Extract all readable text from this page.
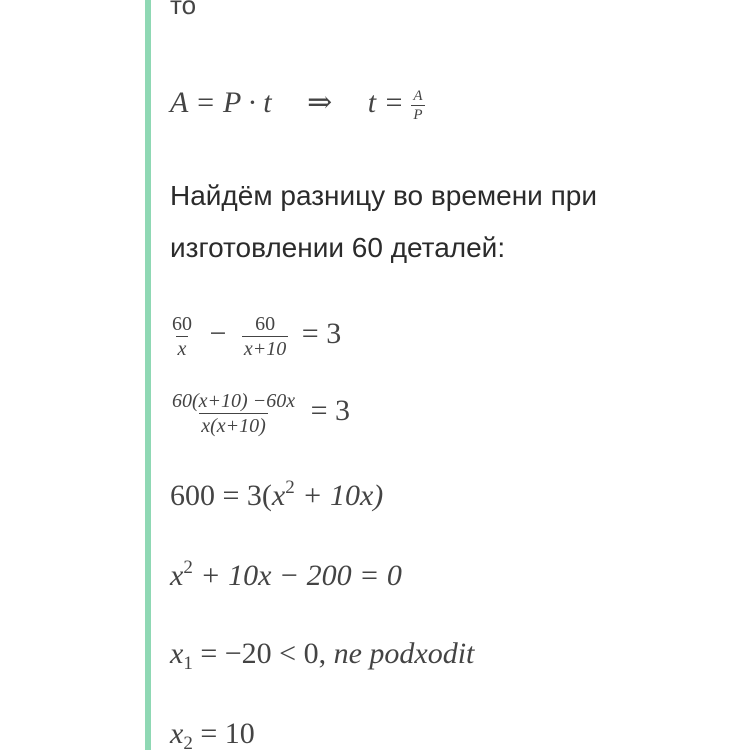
то
A = P · t ⇒ $t = \frac{A}{P}$
Найдём разницу во времени при изготовлении 60 деталей:
$\frac{60}{x} - \frac{60}{x+10} = 3$
$\frac{60(x+10) -60x}{x(x+10)} = 3$
$600 = 3(x^2 + 10x)$
$x^2 + 10x - 200 = 0$
$x_1 = -20 < 0$, ne podxodit
$x_2 = 10$
